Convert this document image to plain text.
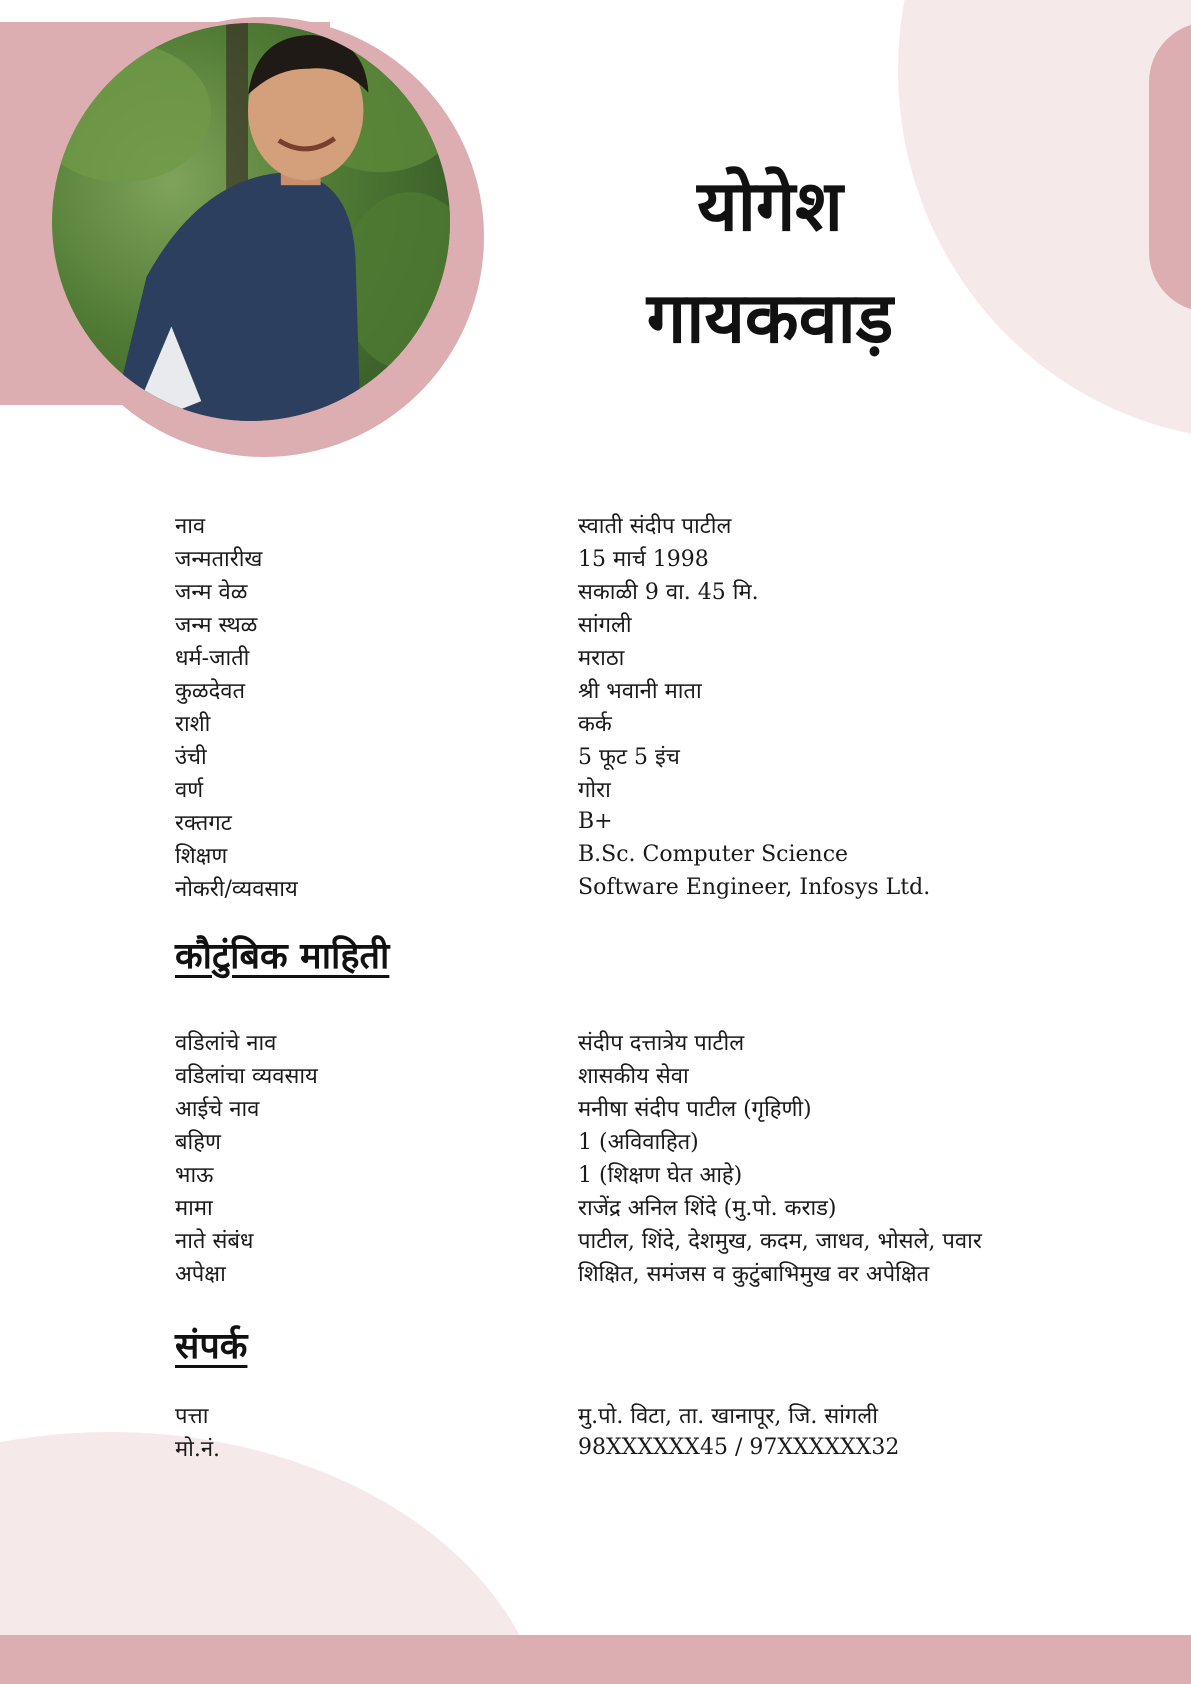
योगेश
गायकवाड़
नाव	स्वाती संदीप पाटील
जन्मतारीख	15 मार्च 1998
जन्म वेळ	सकाळी 9 वा. 45 मि.
जन्म स्थळ	सांगली
धर्म-जाती	मराठा
कुळदेवत	श्री भवानी माता
राशी	कर्क
उंची	5 फूट 5 इंच
वर्ण	गोरा
रक्तगट	B+
शिक्षण	B.Sc. Computer Science
नोकरी/व्यवसाय	Software Engineer, Infosys Ltd.
कौटुंबिक माहिती
वडिलांचे नाव	संदीप दत्तात्रेय पाटील
वडिलांचा व्यवसाय	शासकीय सेवा
आईचे नाव	मनीषा संदीप पाटील (गृहिणी)
बहिण	1 (अविवाहित)
भाऊ	1 (शिक्षण घेत आहे)
मामा	राजेंद्र अनिल शिंदे (मु.पो. कराड)
नाते संबंध	पाटील, शिंदे, देशमुख, कदम, जाधव, भोसले, पवार
अपेक्षा	शिक्षित, समंजस व कुटुंबाभिमुख वर अपेक्षित
संपर्क
पत्ता	मु.पो. विटा, ता. खानापूर, जि. सांगली
मो.नं.	98XXXXXX45 / 97XXXXXX32
